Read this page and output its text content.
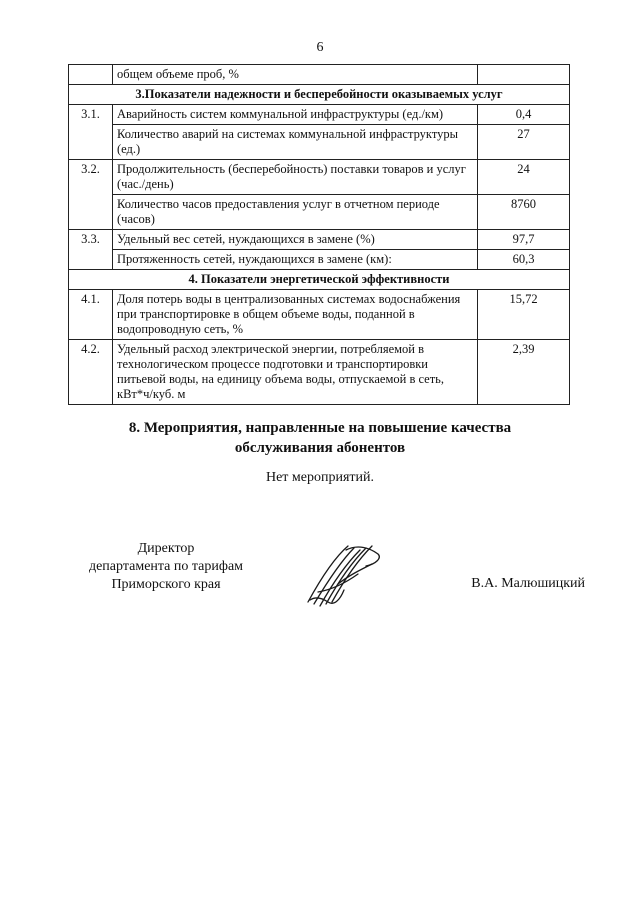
6
	общем объеме проб, %	
3.Показатели надежности и бесперебойности оказываемых услуг		
3.1.	Аварийность систем коммунальной инфраструктуры (ед./км)	0,4
	Количество аварий на системах коммунальной инфраструктуры (ед.)	27
3.2.	Продолжительность (бесперебойность) поставки товаров и услуг (час./день)	24
	Количество часов предоставления услуг в отчетном периоде (часов)	8760
3.3.	Удельный вес сетей, нуждающихся в замене (%)	97,7
	Протяженность сетей, нуждающихся в замене (км):	60,3
4. Показатели энергетической эффективности		
4.1.	Доля потерь воды в централизованных системах водоснабжения при транспортировке в общем объеме воды, поданной в водопроводную сеть, %	15,72
4.2.	Удельный расход электрической энергии, потребляемой в технологическом процессе подготовки и транспортировки питьевой воды, на единицу объема воды, отпускаемой в сеть, кВт*ч/куб. м	2,39
8. Мероприятия, направленные на повышение качества
обслуживания абонентов
Нет мероприятий.
Директор
департамента по тарифам
Приморского края	В.А. Малюшицкий
